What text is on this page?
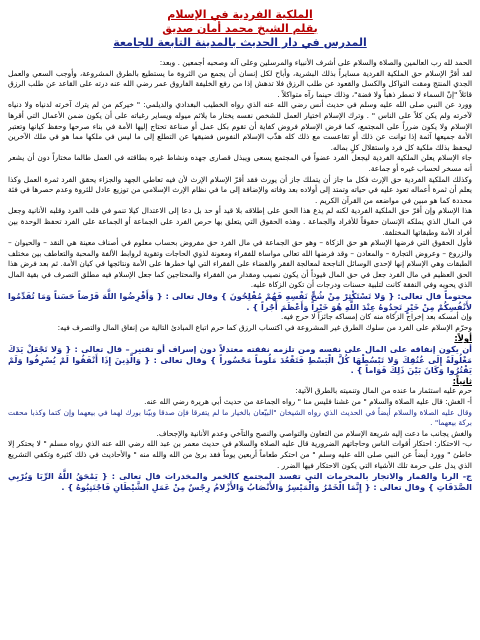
الملكية الفردية في الإسلام
بقلم الشيخ محمد أمان صديق
المدرس في دار الحديث بالمدينة التابعة للجامعة

الحمد لله رب العالمين والصلاة والسلام على أشرف الأنبياء والمرسلين وعلى آله وصحبه أجمعين . وبعد:

لقد أقرَّ الإسلام حق الملكية الفردية مسايراً بذلك البشرية، وأباح لكل إنسان أن يجمع من الثروة ما يستطيع بالطرق المشروعة، وأوجب السعي والعمل الجدي المنتج ومقت التواكل والكسل والقعود عن طلب الرزق فلا تدهش إذا من رفع الخليفة الفاروق عمر رضي الله عنه درته على القاعد عن طلب الرزق قائلاً "إنّ السماء لا تمطر ذهباً ولا فضة"، وذلك حينما رآه متواكلاً .

وورد عن النبي صلى الله عليه وسلم في حديث أنس رضي الله عنه الذي رواه الخطيب البغدادي والديلمي: " خيركم من لم يترك آخرته لدنياه ولا دنياه لآخرته ولم يكن كلاً على الناس " . وترك الإسلام اختيار العمل للشخص نفسه يختار ما يلائم ميوله ويساير رغباته على أن يكون ضمن الأعمال التي أقرها الإسلام ولا يكون ضرراً على المجتمع، كما فرض الإسلام فروض كفاية أن تقوم بكل عمل أو صناعة تحتاج إليها الأمة في بناء صرحها وحفظ كيانها وتعتبر الأمة جميعها آثمة إذا توانت عن ذلك أو تقاعست مع ذلك كله هذّب الإسلام النفوس فضيقها عن التطلع إلى ما ليس في ملكها مما هو في ملك الآخرين ليحفظ بذلك ملكية كل فرد واستقلال كلٍ بماله.

جاء الإسلام يعلن الملكية الفردية ليجعل الفرد عضواً في المجتمع يسعى ويبذل قصارى جهده ونشاط غيره بطاقته في العمل طالما مختاراً دون أن يشعر أنه مسخر لحساب غيره أو جماعة.

وكذلك الملكية الفردية حق الإرث فكل ما جاز أن يتملك جاز أن يورث فقد أقرّ الإسلام الإرث لأن فيه تعاطي الجهد والجزاء يحقق الفرد ثمرة العمل وكذا يعلم أن ثمرة أعماله تعود عليه في حياته وتمتد إلى أولاده بعد وفاته والإضافة إلى ما في نظام الإرث الإسلامي من توزيع عادل للثروة وعدم حصرها في فئة محددة كما هو مبين في مواضعه من القرآن الكريم .

هذا الإسلام وإن أقرّ حق الملكية الفردية لكنه لم يدع هذا الحق على إطلاقه بلا قيد أو حد بل دعا إلى الاعتدال كيلا تنمو في قلب الفرد وقلبه الأنانية وجعل في المال الذي يملكه الإنسان حقوقاً للأفراد والجماعة . وهذه الحقوق التي يتعلق بها حرص الفرد على الجماعة أو الجماعة على الفرد تحفظ الوحدة بين أفراد الأمة وطبقاتها المختلفة.

فأول الحقوق التي فرضها الإسلام هو حق الزكاة – وهو حق الجماعة في مال الفرد حق مفروض بحساب معلوم في أصناف معينة هي النقد – والحيوان – والزروع – وعروض التجارة – والمعادن – وقد فرضها الله تعالى مواساة للفقراء ومعونة لذوي الحاجات وتقوية لروابط الألفة والمحبة والتعاطف بين مختلف الطبقات وهي الإسلام إنها لإحدى الوسائل الناجحة لمعالجة الفقر والقضاء على الفقراء التي لها خطرها على الأمة ونتائجها في كيان الأمة. ثم بعد فرض هذا الحق العظيم في مال الفرد جعل في حق المال قيوداً أن يكون نصيب ومقدار من الفقراء والمحتاجين كما جعل الإسلام فيه مطلق التصرف في بقية المال الذي يحويه وفي النفقة كانت لتلبية حسنات ودرجات أن تكون الزكاة عليه.

محتوماً قال تعالى: { وَلا تَسْتَكْثِرْ مِنْ شُحٍّ نَفْسِهِ فَهُمْ مُفْلِحُونَ } وقال تعالى : { وَأَقْرِضُوا اللَّهَ قَرْضاً حَسَناً وَمَا تُقَدِّمُوا لأَنْفُسِكُمْ مِنْ خَيْرٍ تَجِدُوهُ عِنْدَ اللَّهِ هُوَ خَيْراً وَأَعْظَمَ أَجْراً } .

وإن أمسكه بعد إخراج الزكاة منه كان إمساكه جائزاً لا حرج فيه.

وحرّم الإسلام على الفرد من سلوك الطرق غير المشروعة في اكتساب الرزق كما حرم اتباع المبادئ التالية من إنفاق المال والتصرف فيه:

أولاً:

أن يكون إنفاقه على المال على نفسه ومن تلزمه نفقته معتدلاً دون إسراف أو تقتير – قال تعالى : { وَلا تَجْعَلْ يَدَكَ مَغْلُولَةً إِلَى عُنُقِكَ وَلا تَبْسُطْهَا كُلَّ الْبَسْطِ فَتَقْعُدَ مَلُوماً مَحْسُوراً } وقال تعالى : { وَالَّذِينَ إِذَا أَنْفَقُوا لَمْ يُسْرِفُوا وَلَمْ يَقْتُرُوا وَكَانَ بَيْنَ ذَلِكَ قَوَاماً } .

ثانياً:

حرم عليه استثمار ما عنده من المال وتنميته بالطرق الآتية:

أ- الغش: قال عليه الصلاة والسلام " من غشنا فليس منا " رواه الجماعة من حديث أبي هريرة رضي الله عنه.

وقال عليه الصلاة والسلام أيضاً في الحديث الذي رواه الشيخان "البيّعان بالخيار ما لم يتفرقا فإن صدقا وبيّنا بورك لهما في بيعهما وإن كتما وكذبا محقت بركة بيعهما" .

والغش يجانب ما دعت إليه شريعة الإسلام من التعاون والتواصي والنصح والتآخي وعدم الأنانية والإجحاف.

ب- الاحتكار: احتكار أقوات الناس وحاجاتهم الضرورية قال عليه الصلاة والسلام في حديث معمر بن عبد الله رضي الله عنه الذي رواه مسلم " لا يحتكر إلا خاطئ " وورد أيضاً عن النبي صلى الله عليه وسلم " من احتكر طعاماً أربعين يوماً فقد برئ من الله والله منه " والأحاديث في ذلك كثيرة وتكفي التشريع الذي يدل على حرمة تلك الأشياء التي يكون الاحتكار فيها الضرر .

ج- الربا والقمار والاتجار بالمحرمات التي تفسد المجتمع كالخمر والمخدرات قال تعالى : { يَمْحَقُ اللَّهُ الرِّبَا وَيُرْبِي الصَّدَقَاتِ } وقال تعالى : { إِنَّمَا الْخَمْرُ وَالْمَيْسِرُ وَالأَنْصَابُ وَالأَزْلامُ رِجْسٌ مِنْ عَمَلِ الشَّيْطَانِ فَاجْتَنِبُوهُ } .
